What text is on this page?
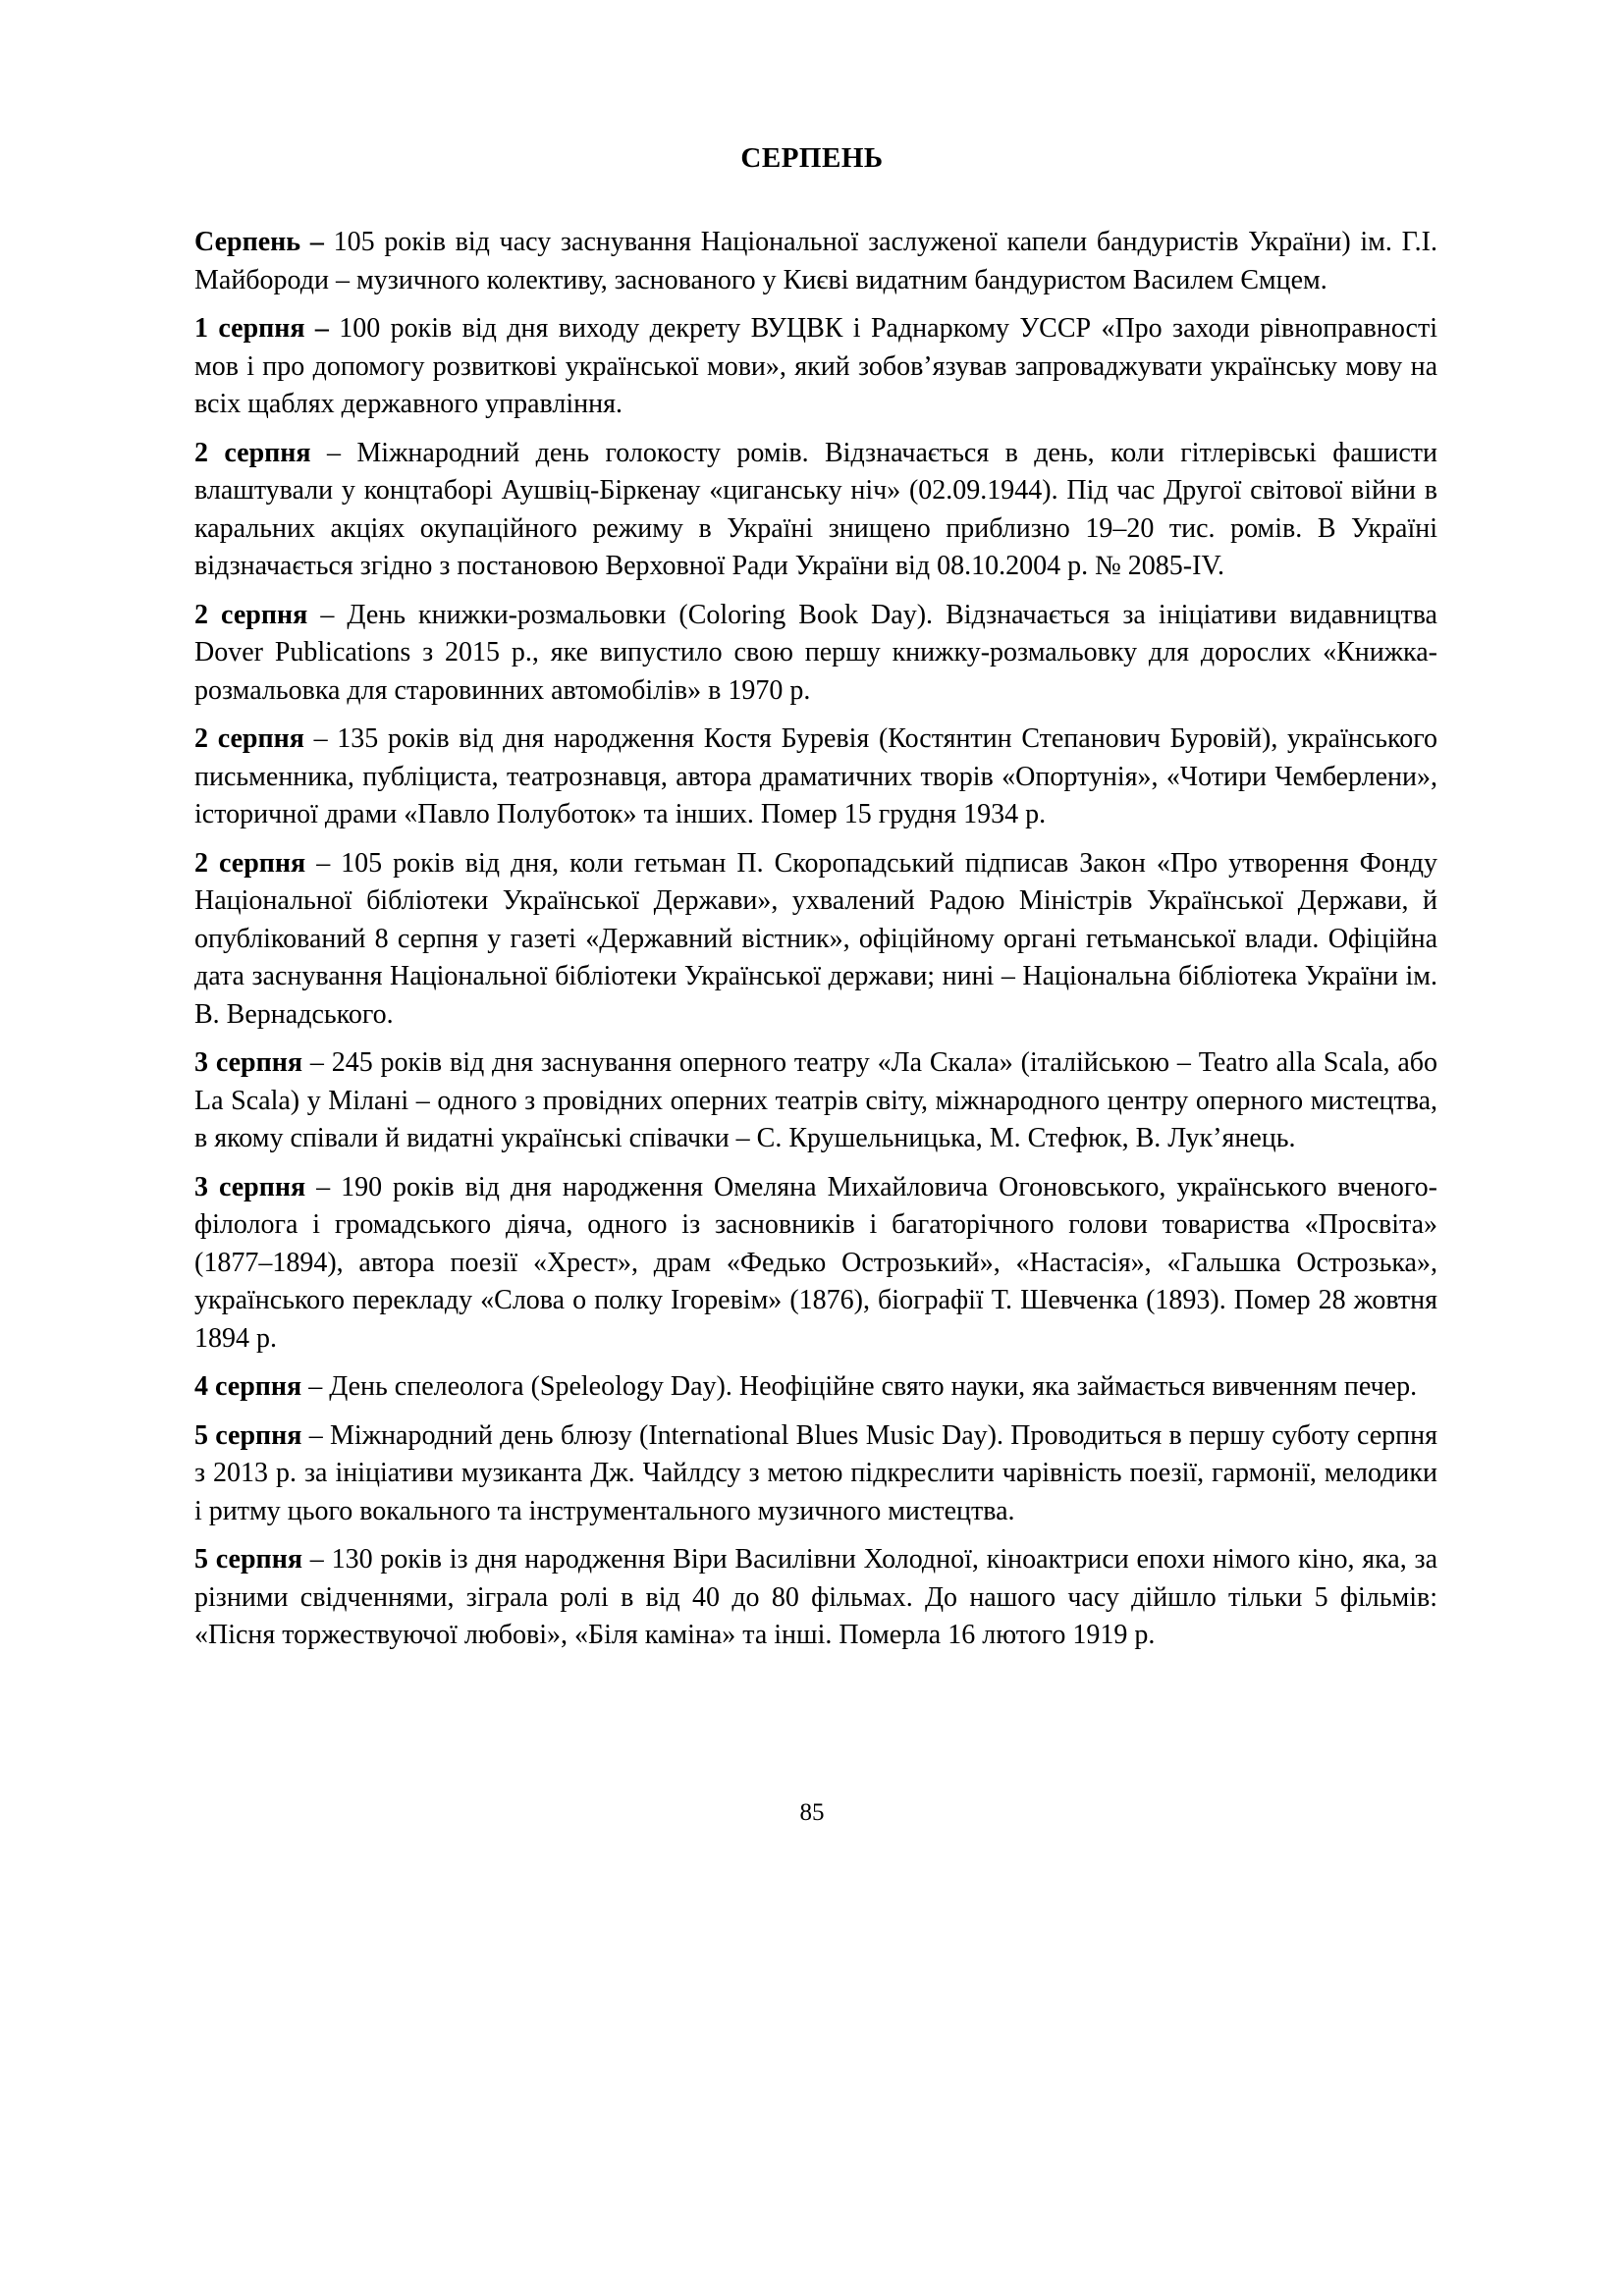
СЕРПЕНЬ

Серпень – 105 років від часу заснування Національної заслуженої капели бандуристів України) ім. Г.І. Майбороди – музичного колективу, заснованого у Києві видатним бандуристом Василем Ємцем.

1 серпня – 100 років від дня виходу декрету ВУЦВК і Раднаркому УССР «Про заходи рівноправності мов і про допомогу розвиткові української мови», який зобов’язував запроваджувати українську мову на всіх щаблях державного управління.

2 серпня – Міжнародний день голокосту ромів. Відзначається в день, коли гітлерівські фашисти влаштували у концтаборі Аушвіц-Біркенау «циганську ніч» (02.09.1944). Під час Другої світової війни в каральних акціях окупаційного режиму в Україні знищено приблизно 19–20 тис. ромів. В Україні відзначається згідно з постановою Верховної Ради України від 08.10.2004 р. № 2085-IV.

2 серпня – День книжки-розмальовки (Coloring Book Day). Відзначається за ініціативи видавництва Dover Publications з 2015 р., яке випустило свою першу книжку-розмальовку для дорослих «Книжка-розмальовка для старовинних автомобілів» в 1970 р.

2 серпня – 135 років від дня народження Костя Буревія (Костянтин Степанович Буровій), українського письменника, публіциста, театрознавця, автора драматичних творів «Опортунія», «Чотири Чемберлени», історичної драми «Павло Полуботок» та інших. Помер 15 грудня 1934 р.

2 серпня – 105 років від дня, коли гетьман П. Скоропадський підписав Закон «Про утворення Фонду Національної бібліотеки Української Держави», ухвалений Радою Міністрів Української Держави, й опублікований 8 серпня у газеті «Державний вістник», офіційному органі гетьманської влади. Офіційна дата заснування Національної бібліотеки Української держави; нині – Національна бібліотека України ім. В. Вернадського.

3 серпня – 245 років від дня заснування оперного театру «Ла Скала» (італійською – Teatro alla Scala, або La Scala) у Мілані – одного з провідних оперних театрів світу, міжнародного центру оперного мистецтва, в якому співали й видатні українські співачки – С. Крушельницька, М. Стефюк, В. Лук’янець.

3 серпня – 190 років від дня народження Омеляна Михайловича Огоновського, українського вченого-філолога і громадського діяча, одного із засновників і багаторічного голови товариства «Просвіта» (1877–1894), автора поезії «Хрест», драм «Федько Острозький», «Настасія», «Гальшка Острозька», українського перекладу «Слова о полку Ігоревім» (1876), біографії Т. Шевченка (1893). Помер 28 жовтня 1894 р.

4 серпня – День спелеолога (Speleology Day). Неофіційне свято науки, яка займається вивченням печер.

5 серпня – Міжнародний день блюзу (International Blues Music Day). Проводиться в першу суботу серпня з 2013 р. за ініціативи музиканта Дж. Чайлдсу з метою підкреслити чарівність поезії, гармонії, мелодики і ритму цього вокального та інструментального музичного мистецтва.

5 серпня – 130 років із дня народження Віри Василівни Холодної, кіноактриси епохи німого кіно, яка, за різними свідченнями, зіграла ролі в від 40 до 80 фільмах. До нашого часу дійшло тільки 5 фільмів: «Пісня торжествуючої любові», «Біля каміна» та інші. Померла 16 лютого 1919 р.

85
